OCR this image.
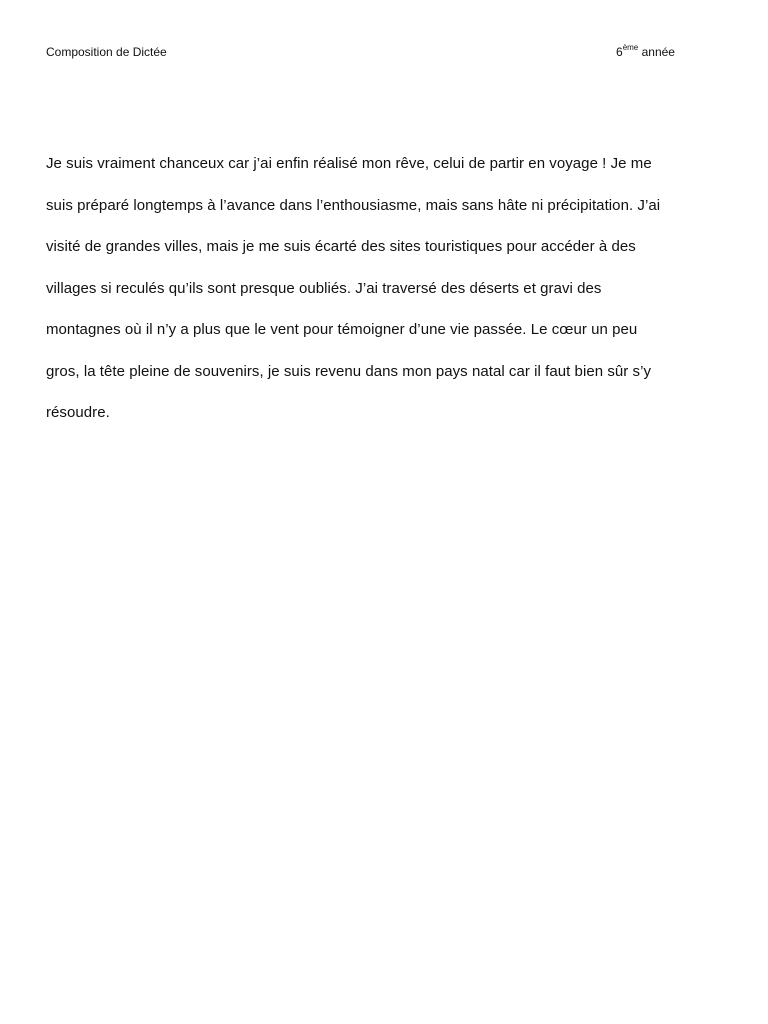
Composition de Dictée	6ème année
Je suis vraiment chanceux car j’ai enfin réalisé mon rêve, celui de partir en voyage ! Je me
suis préparé longtemps à l’avance dans l’enthousiasme, mais sans hâte ni précipitation. J’ai
visité de grandes villes, mais je me suis écarté des sites touristiques pour accéder à des
villages si reculés qu’ils sont presque oubliés. J’ai traversé des déserts et gravi des
montagnes où il n’y a plus que le vent pour témoigner d’une vie passée. Le cœur un peu
gros, la tête pleine de souvenirs, je suis revenu dans mon pays natal car il faut bien sûr s’y
résoudre.
